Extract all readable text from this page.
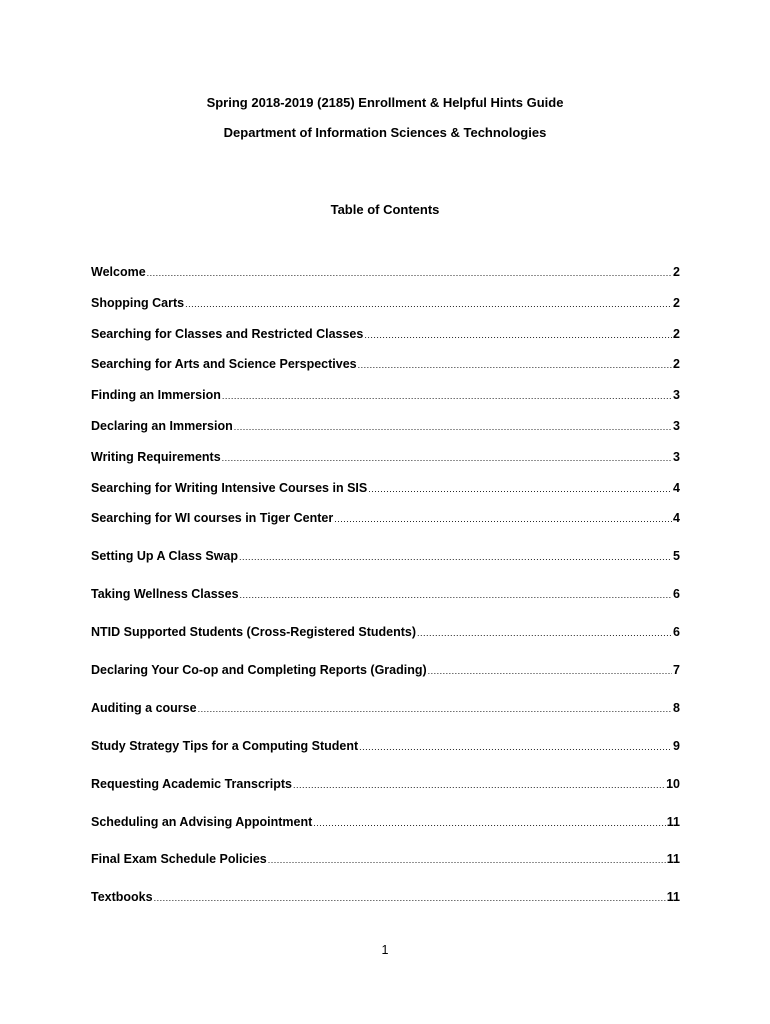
Spring 2018-2019 (2185) Enrollment & Helpful Hints Guide
Department of Information Sciences & Technologies
Table of Contents
Welcome .....	2
Shopping Carts .....	2
Searching for Classes and Restricted Classes .....	2
Searching for Arts and Science Perspectives .....	2
Finding an Immersion .....	3
Declaring an Immersion .....	3
Writing Requirements .....	3
Searching for Writing Intensive Courses in SIS .....	4
Searching for WI courses in Tiger Center .....	4
Setting Up A Class Swap .....	5
Taking Wellness Classes .....	6
NTID Supported Students (Cross-Registered Students) .....	6
Declaring Your Co-op and Completing Reports (Grading) .....	7
Auditing a course .....	8
Study Strategy Tips for a Computing Student .....	9
Requesting Academic Transcripts .....	10
Scheduling an Advising Appointment .....	11
Final Exam Schedule Policies .....	11
Textbooks .....	11
1
